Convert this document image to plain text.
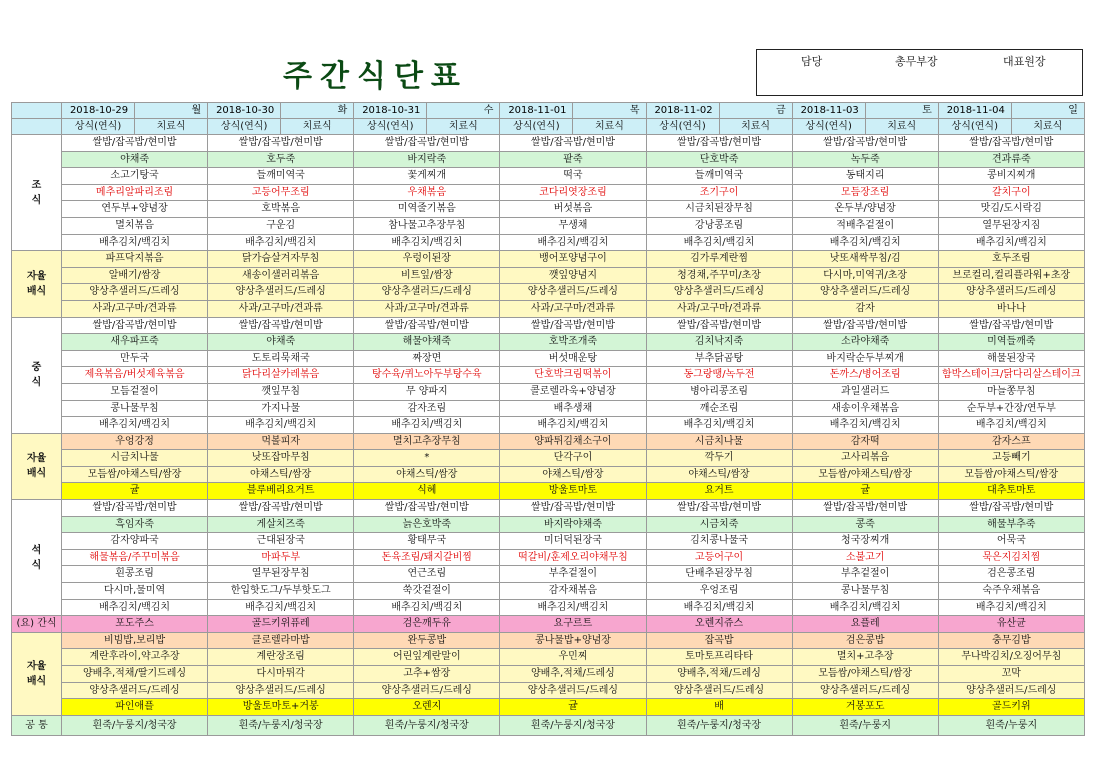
주간식단표	담당	총무부장	대표원장
	2018-10-29	월	2018-10-30	화	2018-10-31	수	2018-11-01	목	2018-11-02	금	2018-11-03	토	2018-11-04	일
	상식(연식)	치료식	상식(연식)	치료식	상식(연식)	치료식	상식(연식)	치료식	상식(연식)	치료식	상식(연식)	치료식	상식(연식)	치료식
조
식	쌀밥/잡곡밥/현미밥		쌀밥/잡곡밥/현미밥		쌀밥/잡곡밥/현미밥		쌀밥/잡곡밥/현미밥		쌀밥/잡곡밥/현미밥		쌀밥/잡곡밥/현미밥		쌀밥/잡곡밥/현미밥	
	야채죽		호두죽		바지락죽		팥죽		단호박죽		녹두죽		견과류죽	
	소고기탕국		들깨미역국		꽃게찌개		떡국		들깨미역국		동태지리		콩비지찌개	
	메추리알파리조림		고등어무조림		우채볶음		코다리엿장조림		조기구이		모듬장조림		갈치구이	
	연두부+양념장		호박볶음		미역줄기볶음		버섯볶음		시금치된장무침		온두부/양념장		맛김/도시락김	
	멸치볶음		구운김		참나물고추장무침		무생채		강낭콩조림		적배추겉절이		열무된장지짐	
	배추김치/백김치		배추김치/백김치		배추김치/백김치		배추김치/백김치		배추김치/백김치		배추김치/백김치		배추김치/백김치	
자율
배식	파프닥지볶음		닭가슴살겨자무침		우렁이된장		뱅어포양념구이		김가루계란찜		낫또새싹무침/김		호두조림	
	알배기/쌈장		새송이샐러리볶음		비트잎/쌈장		깻잎양념지		청경채,주꾸미/초장		다시마,미역귀/초장		브로컬리,컬리플라워+초장	
	양상추샐러드/드레싱		양상추샐러드/드레싱		양상추샐러드/드레싱		양상추샐러드/드레싱		양상추샐러드/드레싱		양상추샐러드/드레싱		양상추샐러드/드레싱	
	사과/고구마/견과류		사과/고구마/견과류		사과/고구마/견과류		사과/고구마/견과류		사과/고구마/견과류		감자		바나나	
중
식	쌀밥/잡곡밥/현미밥		쌀밥/잡곡밥/현미밥		쌀밥/잡곡밥/현미밥		쌀밥/잡곡밥/현미밥		쌀밥/잡곡밥/현미밥		쌀밥/잡곡밥/현미밥		쌀밥/잡곡밥/현미밥	
	새우파프죽		야채죽		해물야채죽		호박조개죽		김치낙지죽		소라야채죽		미역들깨죽	
	만두국		도토리묵채국		짜장면		버섯매운탕		부추닭곰탕		바지락순두부찌개		해물된장국	
	제육볶음/버섯제육볶음		닭다리살카레볶음		탕수육/퀴노아두부탕수육		단호박크림떡볶이		동그랑땡/녹두전		돈까스/병어조림		함박스테이크/닭다리살스테이크	
	모듬겉절이		깻잎무침		무 양파지		콜로렐라욱+양념장		병아리콩조림		과일샐러드		마늘쫑무침	
	콩나물무침		가지나물		감자조림		배추생채		깨순조림		새송이우채볶음		순두부+간장/연두부	
	배추김치/백김치		배추김치/백김치		배추김치/백김치		배추김치/백김치		배추김치/백김치		배추김치/백김치		배추김치/백김치	
자율
배식	우엉강정		먹볼피자		멸치고추장무침		양파튀김채소구이		시금치나물		감자떡		감자스프	
	시금치나물		낫또잡마무침		*		단각구이		깍두기		고사리볶음		고등빼기	
	모듬쌈/야채스틱/쌈장		야채스틱/쌈장		야채스틱/쌈장		야채스틱/쌈장		야채스틱/쌈장		모듬쌈/야채스틱/쌈장		모듬쌈/야채스틱/쌈장	
	귤		블루베리요거트		식혜		방울토마토		요거트		귤		대추토마토	
석
식	쌀밥/잡곡밥/현미밥		쌀밥/잡곡밥/현미밥		쌀밥/잡곡밥/현미밥		쌀밥/잡곡밥/현미밥		쌀밥/잡곡밥/현미밥		쌀밥/잡곡밥/현미밥		쌀밥/잡곡밥/현미밥	
	흑임자죽		게살치즈죽		늙은호박죽		바지락야채죽		시금치죽		콩죽		해물부추죽	
	감자양파국		근대된장국		황태무국		미더덕된장국		김치콩나물국		청국장찌개		어묵국	
	해물볶음/주꾸미볶음		마파두부		돈육조림/돼지갈비찜		떡갈비/훈제오리야채무침		고등어구이		소불고기		묵은지김치찜	
	흰콩조림		열무된장무침		연근조림		부추겉절이		단배추된장무침		부추겉절이		검은콩조림	
	다시마,물미역		한입핫도그/두부핫도그		쑥갓겉절이		감자채볶음		우엉조림		콩나물무침		숙주우채볶음	
	배추김치/백김치		배추김치/백김치		배추김치/백김치		배추김치/백김치		배추김치/백김치		배추김치/백김치		배추김치/백김치	
(요) 간식	포도주스		골드키위퓨레		검은깨두유		요구르트		오렌지쥬스		요플레		유산균	
자율
배식	비빔밥,보리밥		클로렐라마밥		완두콩밥		콩나물밥+양념장		잡곡밥		검은콩밥		충무김밥	
	계란후라이,약고추장		계란장조림		어린잎계란말이		우민찌		토마토프리타타		멸치+고추장		무나박김치/오징어무침	
	양배추,적채/딸기드레싱		다시마튀각		고추+쌈장		양배추,적채/드레싱		양배추,적채/드레싱		모듬쌈/야채스틱/쌈장		꼬막	
	양상추샐러드/드레싱		양상추샐러드/드레싱		양상추샐러드/드레싱		양상추샐러드/드레싱		양상추샐러드/드레싱		양상추샐러드/드레싱		양상추샐러드/드레싱	
	파인애플		방울토마토+거봉		오렌지		귤		배		거봉포도		골드키위	
공 통	흰죽/누룽지/청국장		흰죽/누룽지/청국장		흰죽/누룽지/청국장		흰죽/누룽지/청국장		흰죽/누룽지/청국장		흰죽/누룽지		흰죽/누룽지	
